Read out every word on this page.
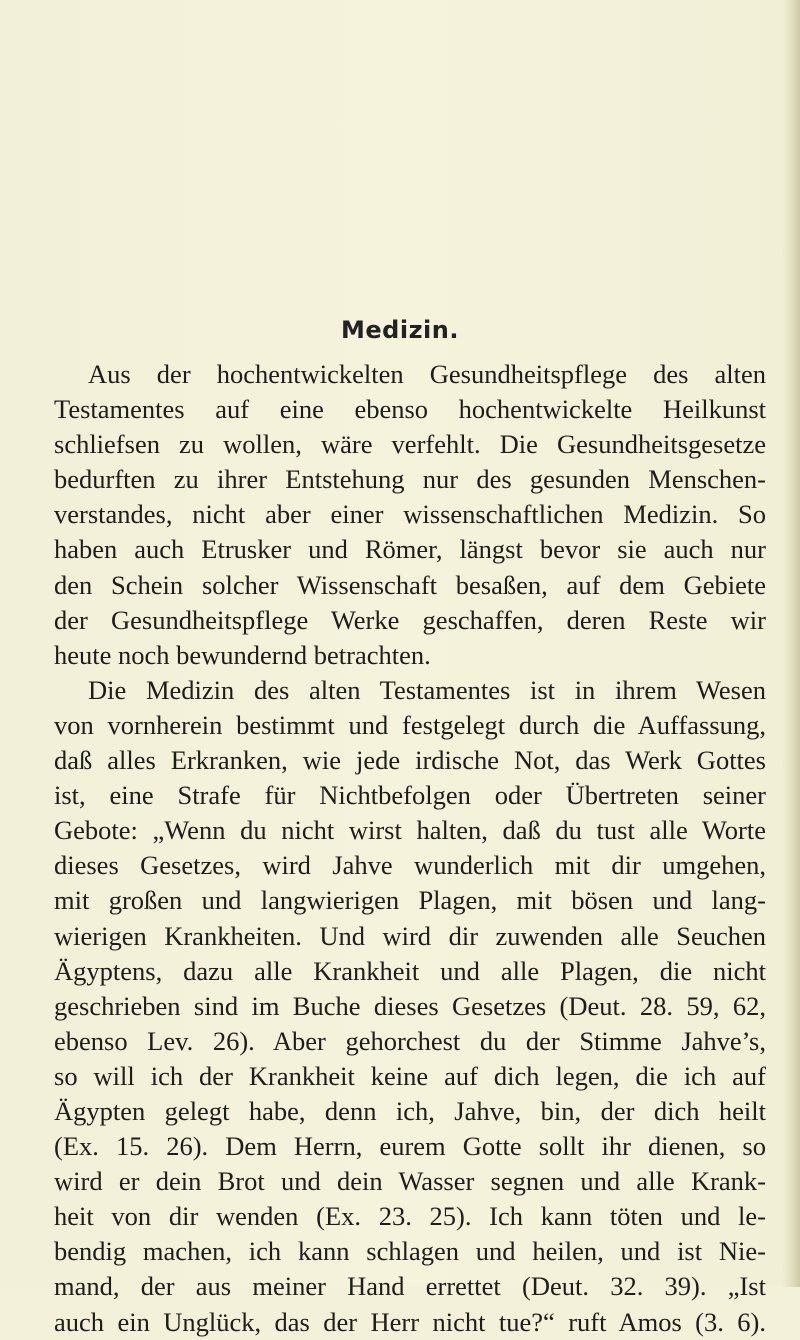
Medizin.
Aus der hochentwickelten Gesundheitspflege des alten
Testamentes auf eine ebenso hochentwickelte Heilkunst
schliefsen zu wollen, wäre verfehlt. Die Gesundheitsgesetze
bedurften zu ihrer Entstehung nur des gesunden Menschen-
verstandes, nicht aber einer wissenschaftlichen Medizin. So
haben auch Etrusker und Römer, längst bevor sie auch nur
den Schein solcher Wissenschaft besaßen, auf dem Gebiete
der Gesundheitspflege Werke geschaffen, deren Reste wir
heute noch bewundernd betrachten.
Die Medizin des alten Testamentes ist in ihrem Wesen
von vornherein bestimmt und festgelegt durch die Auffassung,
daß alles Erkranken, wie jede irdische Not, das Werk Gottes
ist, eine Strafe für Nichtbefolgen oder Übertreten seiner
Gebote: „Wenn du nicht wirst halten, daß du tust alle Worte
dieses Gesetzes, wird Jahve wunderlich mit dir umgehen,
mit großen und langwierigen Plagen, mit bösen und lang-
wierigen Krankheiten. Und wird dir zuwenden alle Seuchen
Ägyptens, dazu alle Krankheit und alle Plagen, die nicht
geschrieben sind im Buche dieses Gesetzes (Deut. 28. 59, 62,
ebenso Lev. 26). Aber gehorchest du der Stimme Jahve’s,
so will ich der Krankheit keine auf dich legen, die ich auf
Ägypten gelegt habe, denn ich, Jahve, bin, der dich heilt
(Ex. 15. 26). Dem Herrn, eurem Gotte sollt ihr dienen, so
wird er dein Brot und dein Wasser segnen und alle Krank-
heit von dir wenden (Ex. 23. 25). Ich kann töten und le-
bendig machen, ich kann schlagen und heilen, und ist Nie-
mand, der aus meiner Hand errettet (Deut. 32. 39). „Ist
auch ein Unglück, das der Herr nicht tue?“ ruft Amos (3. 6).
